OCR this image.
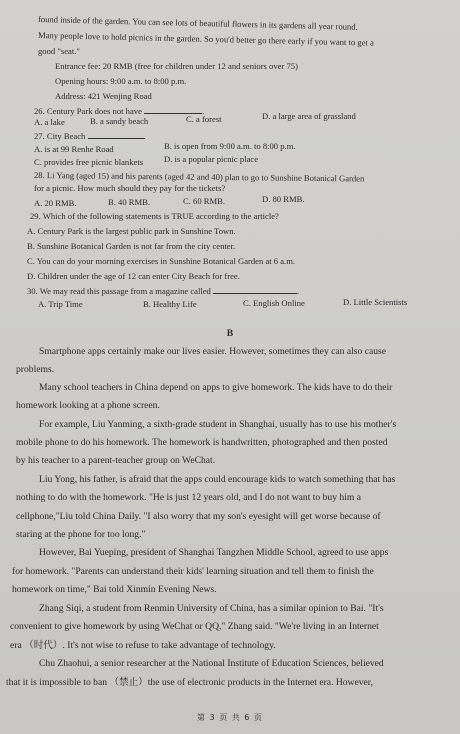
found inside of the garden. You can see lots of beautiful flowers in its gardens all year round.
Many people love to hold picnics in the garden. So you'd better go there early if you want to get a
good "seat."
Entrance fee: 20 RMB (free for children under 12 and seniors over 75)
Opening hours: 9:00 a.m. to 8:00 p.m.
Address: 421 Wenjing Road
26. Century Park does not have	.
A. a lake	B. a sandy beach	C. a forest	D. a large area of grassland
27. City Beach	.
A. is at 99 Renhe Road	B. is open from 9:00 a.m. to 8:00 p.m.
C. provides free picnic blankets D. is a popular picnic place
28. Li Yang (aged 15) and his parents (aged 42 and 40) plan to go to Sunshine Botanical Garden
for a picnic. How much should they pay for the tickets?
A. 20 RMB.	B. 40 RMB.	C. 60 RMB.	D. 80 RMB.
29. Which of the following statements is TRUE according to the article?
A. Century Park is the largest public park in Sunshine Town.
B. Sunshine Botanical Garden is not far from the city center.
C. You can do your morning exercises in Sunshine Botanical Garden at 6 a.m.
D. Children under the age of 12 can enter City Beach for free.
30. We may read this passage from a magazine called	.
A. Trip Time	B. Healthy Life	C. English Online	D. Little Scientists
B
Smartphone apps certainly make our lives easier. However, sometimes they can also cause
problems.
Many school teachers in China depend on apps to give homework. The kids have to do their
homework looking at a phone screen.
For example, Liu Yanming, a sixth-grade student in Shanghai, usually has to use his mother's
mobile phone to do his homework. The homework is handwritten, photographed and then posted
by his teacher to a parent-teacher group on WeChat.
Liu Yong, his father, is afraid that the apps could encourage kids to watch something that has
nothing to do with the homework. "He is just 12 years old, and I do not want to buy him a
cellphone,"Liu told China Daily. "I also worry that my son's eyesight will get worse because of
staring at the phone for too long."
However, Bai Yueping, president of Shanghai Tangzhen Middle School, agreed to use apps
for homework. "Parents can understand their kids' learning situation and tell them to finish the
homework on time," Bai told Xinmin Evening News.
Zhang Siqi, a student from Renmin University of China, has a similar opinion to Bai. "It's
convenient to give homework by using WeChat or QQ," Zhang said. "We're living in an Internet
era （时代）. It's not wise to refuse to take advantage of technology.
Chu Zhaohui, a senior researcher at the National Institute of Education Sciences, believed
that it is impossible to ban （禁止）the use of electronic products in the Internet era. However,
第 3 页 共 6 页
